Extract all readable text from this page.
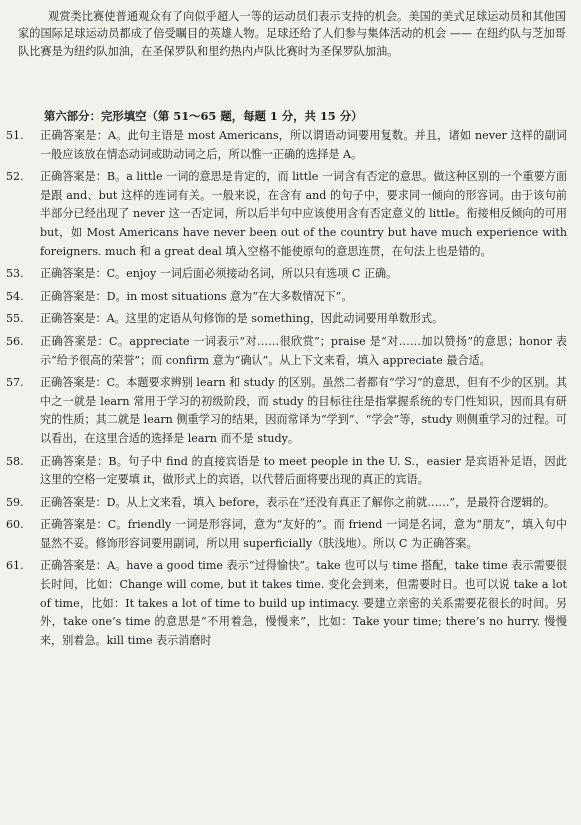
观赏类比赛使普通观众有了向似乎超人一等的运动员们表示支持的机会。美国的美式足球运动员和其他国家的国际足球运动员都成了倍受瞩目的英雄人物。足球还给了人们参与集体活动的机会 —— 在纽约队与芝加哥队比赛是为纽约队加油，在圣保罗队和里约热内卢队比赛时为圣保罗队加油。

第六部分：完形填空（第 51～65 题，每题 1 分，共 15 分）
51.	正确答案是：A。此句主语是 most Americans，所以谓语动词要用复数。并且，诸如 never 这样的副词一般应该放在情态动词或助动词之后，所以惟一正确的选择是 A。
52.	正确答案是：B。a little 一词的意思是肯定的，而 little 一词含有否定的意思。做这种区别的一个重要方面是跟 and、but 这样的连词有关。一般来说，在含有 and 的句子中，要求同一倾向的形容词。由于该句前半部分已经出现了 never 这一否定词，所以后半句中应该使用含有否定意义的 little。衔接相反倾向的可用 but，如 Most Americans have never been out of the country but have much experience with foreigners. much 和 a great deal 填入空格不能使原句的意思连贯，在句法上也是错的。
53.	正确答案是：C。enjoy 一词后面必须接动名词，所以只有选项 C 正确。
54.	正确答案是：D。in most situations 意为“在大多数情况下”。
55.	正确答案是：A。这里的定语从句修饰的是 something，因此动词要用单数形式。
56.	正确答案是：C。appreciate 一词表示“对……很欣赏”；praise 是“对……加以赞扬”的意思；honor 表示“给予很高的荣誉”；而 confirm 意为“确认”。从上下文来看，填入 appreciate 最合适。
57.	正确答案是：C。本题要求辨别 learn 和 study 的区别。虽然二者都有“学习”的意思，但有不少的区别。其中之一就是 learn 常用于学习的初级阶段，而 study 的目标往往是指掌握系统的专门性知识，因而具有研究的性质；其二就是 learn 侧重学习的结果，因而常译为“学到”、“学会”等，study 则侧重学习的过程。可以看出，在这里合适的选择是 learn 而不是 study。
58.	正确答案是：B。句子中 find 的直接宾语是 to meet people in the U. S.，easier 是宾语补足语，因此这里的空格一定要填 it，做形式上的宾语，以代替后面将要出现的真正的宾语。
59.	正确答案是：D。从上文来看，填入 before，表示在“还没有真正了解你之前就……”，是最符合逻辑的。
60.	正确答案是：C。friendly 一词是形容词，意为“友好的”。而 friend 一词是名词，意为“朋友”，填入句中显然不妥。修饰形容词要用副词，所以用 superficially（肤浅地）。所以 C 为正确答案。
61.	正确答案是：A。have a good time 表示“过得愉快”。take 也可以与 time 搭配，take time 表示需要很长时间，比如：Change will come, but it takes time. 变化会到来，但需要时日。也可以说 take a lot of time，比如：It takes a lot of time to build up intimacy. 要建立亲密的关系需要花很长的时间。另外，take one’s time 的意思是“不用着急，慢慢来”，比如：Take your time; there’s no hurry. 慢慢来，别着急。kill time 表示消磨时
